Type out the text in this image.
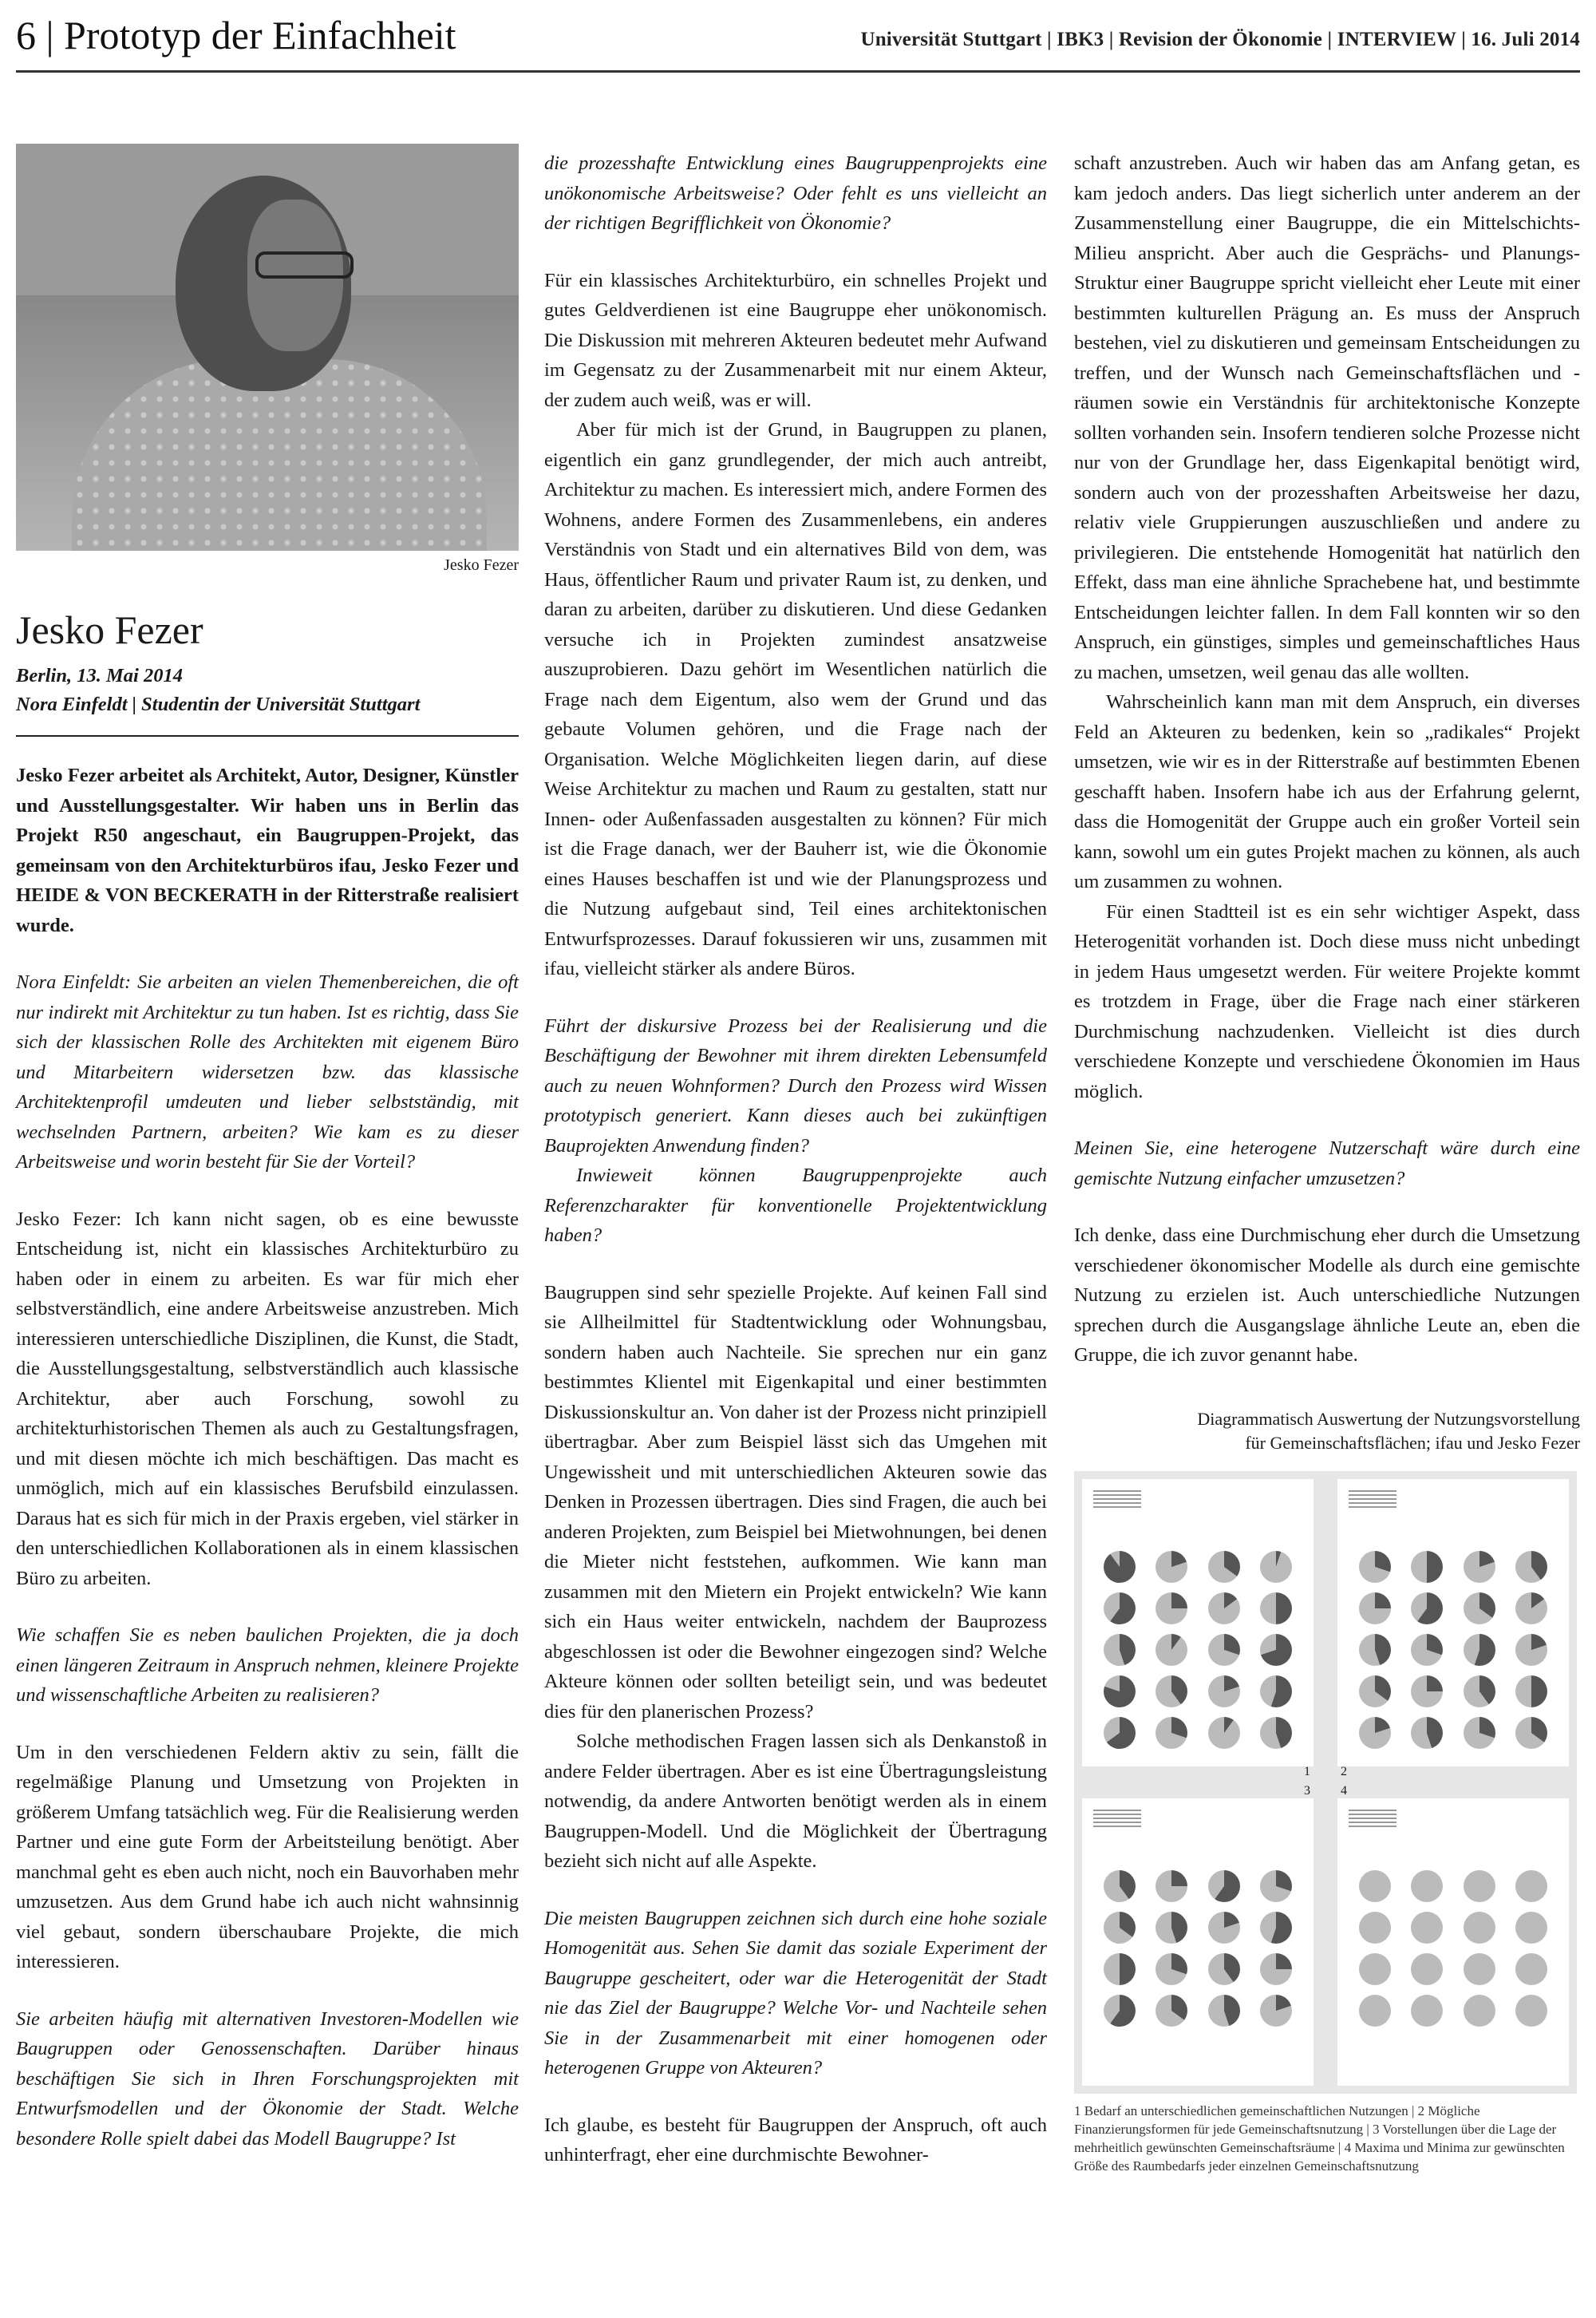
6 | Prototyp der Einfachheit	Universität Stuttgart | IBK3 | Revision der Ökonomie | INTERVIEW | 16. Juli 2014
Jesko Fezer
Jesko Fezer
Berlin, 13. Mai 2014
Nora Einfeldt | Studentin der Universität Stuttgart

Jesko Fezer arbeitet als Architekt, Autor, Designer, Künstler und Ausstellungsgestalter. Wir haben uns in Berlin das Projekt R50 angeschaut, ein Baugruppen-Projekt, das gemeinsam von den Architekturbüros ifau, Jesko Fezer und HEIDE & VON BECKERATH in der Ritterstraße realisiert wurde.

Nora Einfeldt: Sie arbeiten an vielen Themenbereichen, die oft nur indirekt mit Architektur zu tun haben. Ist es richtig, dass Sie sich der klassischen Rolle des Architekten mit eigenem Büro und Mitarbeitern widersetzen bzw. das klassische Architektenprofil umdeuten und lieber selbstständig, mit wechselnden Partnern, arbeiten? Wie kam es zu dieser Arbeitsweise und worin besteht für Sie der Vorteil?

Jesko Fezer: Ich kann nicht sagen, ob es eine bewusste Entscheidung ist, nicht ein klassisches Architekturbüro zu haben oder in einem zu arbeiten. Es war für mich eher selbstverständlich, eine andere Arbeitsweise anzustreben. Mich interessieren unterschiedliche Disziplinen, die Kunst, die Stadt, die Ausstellungsgestaltung, selbstverständlich auch klassische Architektur, aber auch Forschung, sowohl zu architekturhistorischen Themen als auch zu Gestaltungsfragen, und mit diesen möchte ich mich beschäftigen. Das macht es unmöglich, mich auf ein klassisches Berufsbild einzulassen. Daraus hat es sich für mich in der Praxis ergeben, viel stärker in den unterschiedlichen Kollaborationen als in einem klassischen Büro zu arbeiten.

Wie schaffen Sie es neben baulichen Projekten, die ja doch einen längeren Zeitraum in Anspruch nehmen, kleinere Projekte und wissenschaftliche Arbeiten zu realisieren?

Um in den verschiedenen Feldern aktiv zu sein, fällt die regelmäßige Planung und Umsetzung von Projekten in größerem Umfang tatsächlich weg. Für die Realisierung werden Partner und eine gute Form der Arbeitsteilung benötigt. Aber manchmal geht es eben auch nicht, noch ein Bauvorhaben mehr umzusetzen. Aus dem Grund habe ich auch nicht wahnsinnig viel gebaut, sondern überschaubare Projekte, die mich interessieren.

Sie arbeiten häufig mit alternativen Investoren-Modellen wie Baugruppen oder Genossenschaften. Darüber hinaus beschäftigen Sie sich in Ihren Forschungsprojekten mit Entwurfsmodellen und der Ökonomie der Stadt. Welche besondere Rolle spielt dabei das Modell Baugruppe? Ist

die prozesshafte Entwicklung eines Baugruppenprojekts eine unökonomische Arbeitsweise? Oder fehlt es uns vielleicht an der richtigen Begrifflichkeit von Ökonomie?

Für ein klassisches Architekturbüro, ein schnelles Projekt und gutes Geldverdienen ist eine Baugruppe eher unökonomisch. Die Diskussion mit mehreren Akteuren bedeutet mehr Aufwand im Gegensatz zu der Zusammenarbeit mit nur einem Akteur, der zudem auch weiß, was er will.

Aber für mich ist der Grund, in Baugruppen zu planen, eigentlich ein ganz grundlegender, der mich auch antreibt, Architektur zu machen. Es interessiert mich, andere Formen des Wohnens, andere Formen des Zusammenlebens, ein anderes Verständnis von Stadt und ein alternatives Bild von dem, was Haus, öffentlicher Raum und privater Raum ist, zu denken, und daran zu arbeiten, darüber zu diskutieren. Und diese Gedanken versuche ich in Projekten zumindest ansatzweise auszuprobieren. Dazu gehört im Wesentlichen natürlich die Frage nach dem Eigentum, also wem der Grund und das gebaute Volumen gehören, und die Frage nach der Organisation. Welche Möglichkeiten liegen darin, auf diese Weise Architektur zu machen und Raum zu gestalten, statt nur Innen- oder Außenfassaden ausgestalten zu können? Für mich ist die Frage danach, wer der Bauherr ist, wie die Ökonomie eines Hauses beschaffen ist und wie der Planungsprozess und die Nutzung aufgebaut sind, Teil eines architektonischen Entwurfsprozesses. Darauf fokussieren wir uns, zusammen mit ifau, vielleicht stärker als andere Büros.

Führt der diskursive Prozess bei der Realisierung und die Beschäftigung der Bewohner mit ihrem direkten Lebensumfeld auch zu neuen Wohnformen? Durch den Prozess wird Wissen prototypisch generiert. Kann dieses auch bei zukünftigen Bauprojekten Anwendung finden?

Inwieweit können Baugruppenprojekte auch Referenzcharakter für konventionelle Projektentwicklung haben?

Baugruppen sind sehr spezielle Projekte. Auf keinen Fall sind sie Allheilmittel für Stadtentwicklung oder Wohnungsbau, sondern haben auch Nachteile. Sie sprechen nur ein ganz bestimmtes Klientel mit Eigenkapital und einer bestimmten Diskussionskultur an. Von daher ist der Prozess nicht prinzipiell übertragbar. Aber zum Beispiel lässt sich das Umgehen mit Ungewissheit und mit unterschiedlichen Akteuren sowie das Denken in Prozessen übertragen. Dies sind Fragen, die auch bei anderen Projekten, zum Beispiel bei Mietwohnungen, bei denen die Mieter nicht feststehen, aufkommen. Wie kann man zusammen mit den Mietern ein Projekt entwickeln? Wie kann sich ein Haus weiter entwickeln, nachdem der Bauprozess abgeschlossen ist oder die Bewohner eingezogen sind? Welche Akteure können oder sollten beteiligt sein, und was bedeutet dies für den planerischen Prozess?

Solche methodischen Fragen lassen sich als Denkanstoß in andere Felder übertragen. Aber es ist eine Übertragungsleistung notwendig, da andere Antworten benötigt werden als in einem Baugruppen-Modell. Und die Möglichkeit der Übertragung bezieht sich nicht auf alle Aspekte.

Die meisten Baugruppen zeichnen sich durch eine hohe soziale Homogenität aus. Sehen Sie damit das soziale Experiment der Baugruppe gescheitert, oder war die Heterogenität der Stadt nie das Ziel der Baugruppe? Welche Vor- und Nachteile sehen Sie in der Zusammenarbeit mit einer homogenen oder heterogenen Gruppe von Akteuren?

Ich glaube, es besteht für Baugruppen der Anspruch, oft auch unhinterfragt, eher eine durchmischte Bewohner-

schaft anzustreben. Auch wir haben das am Anfang getan, es kam jedoch anders. Das liegt sicherlich unter anderem an der Zusammenstellung einer Baugruppe, die ein Mittelschichts-Milieu anspricht. Aber auch die Gesprächs- und Planungs-Struktur einer Baugruppe spricht vielleicht eher Leute mit einer bestimmten kulturellen Prägung an. Es muss der Anspruch bestehen, viel zu diskutieren und gemeinsam Entscheidungen zu treffen, und der Wunsch nach Gemeinschaftsflächen und -räumen sowie ein Verständnis für architektonische Konzepte sollten vorhanden sein. Insofern tendieren solche Prozesse nicht nur von der Grundlage her, dass Eigenkapital benötigt wird, sondern auch von der prozesshaften Arbeitsweise her dazu, relativ viele Gruppierungen auszuschließen und andere zu privilegieren. Die entstehende Homogenität hat natürlich den Effekt, dass man eine ähnliche Sprachebene hat, und bestimmte Entscheidungen leichter fallen. In dem Fall konnten wir so den Anspruch, ein günstiges, simples und gemeinschaftliches Haus zu machen, umsetzen, weil genau das alle wollten.

Wahrscheinlich kann man mit dem Anspruch, ein diverses Feld an Akteuren zu bedenken, kein so „radikales“ Projekt umsetzen, wie wir es in der Ritterstraße auf bestimmten Ebenen geschafft haben. Insofern habe ich aus der Erfahrung gelernt, dass die Homogenität der Gruppe auch ein großer Vorteil sein kann, sowohl um ein gutes Projekt machen zu können, als auch um zusammen zu wohnen.

Für einen Stadtteil ist es ein sehr wichtiger Aspekt, dass Heterogenität vorhanden ist. Doch diese muss nicht unbedingt in jedem Haus umgesetzt werden. Für weitere Projekte kommt es trotzdem in Frage, über die Frage nach einer stärkeren Durchmischung nachzudenken. Vielleicht ist dies durch verschiedene Konzepte und verschiedene Ökonomien im Haus möglich.

Meinen Sie, eine heterogene Nutzerschaft wäre durch eine gemischte Nutzung einfacher umzusetzen?

Ich denke, dass eine Durchmischung eher durch die Umsetzung verschiedener ökonomischer Modelle als durch eine gemischte Nutzung zu erzielen ist. Auch unterschiedliche Nutzungen sprechen durch die Ausgangslage ähnliche Leute an, eben die Gruppe, die ich zuvor genannt habe.

Diagrammatisch Auswertung der Nutzungsvorstellung
für Gemeinschaftsflächen; ifau und Jesko Fezer
1 2
3 4
1 Bedarf an unterschiedlichen gemeinschaftlichen Nutzungen | 2 Mögliche Finanzierungsformen für jede Gemeinschaftsnutzung | 3 Vorstellungen über die Lage der mehrheitlich gewünschten Gemeinschaftsräume | 4 Maxima und Minima zur gewünschten Größe des Raumbedarfs jeder einzelnen Gemeinschaftsnutzung
